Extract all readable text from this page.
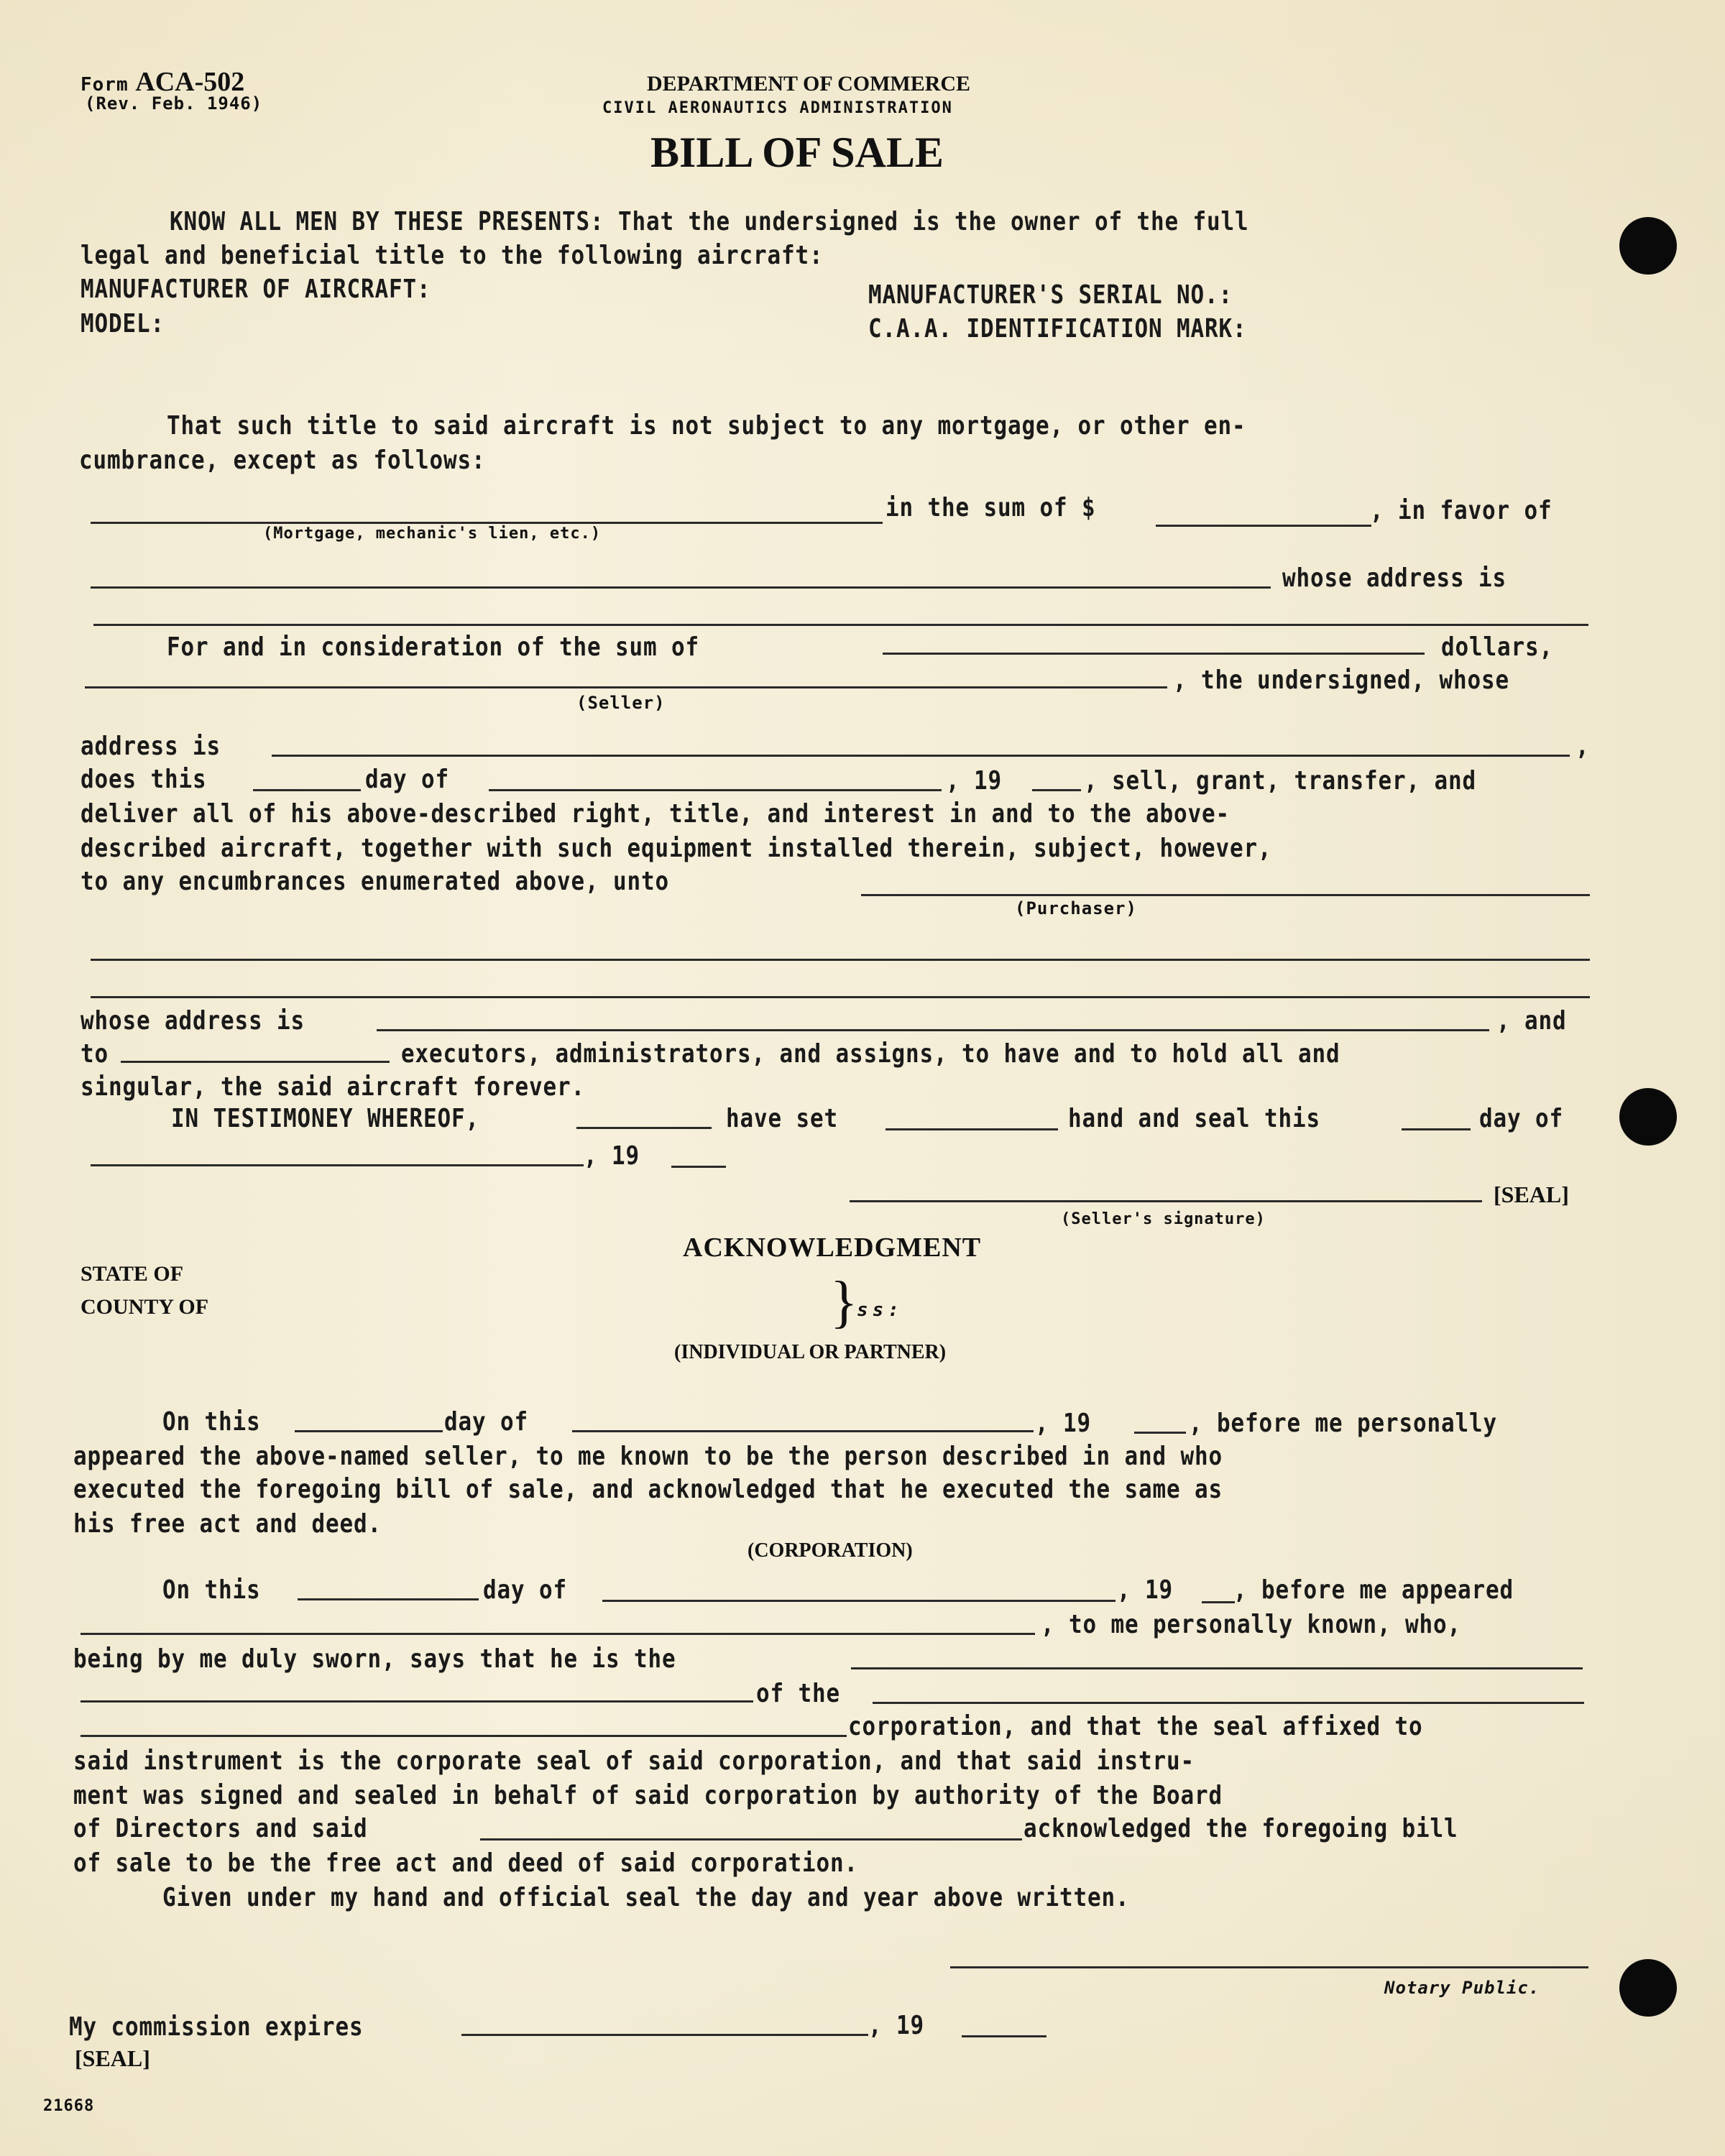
Form ACA-502
(Rev. Feb. 1946)
DEPARTMENT OF COMMERCE
CIVIL AERONAUTICS ADMINISTRATION
BILL OF SALE
KNOW ALL MEN BY THESE PRESENTS: That the undersigned is the owner of the full
legal and beneficial title to the following aircraft:
MANUFACTURER OF AIRCRAFT:
MODEL:
MANUFACTURER'S SERIAL NO.:
C.A.A. IDENTIFICATION MARK:
That such title to said aircraft is not subject to any mortgage, or other en-
cumbrance, except as follows:
in the sum of $	, in favor of
(Mortgage, mechanic's lien, etc.)
whose address is
For and in consideration of the sum of	dollars,
, the undersigned, whose
(Seller)
address is	,
does this	day of	, 19	, sell, grant, transfer, and
deliver all of his above-described right, title, and interest in and to the above-
described aircraft, together with such equipment installed therein, subject, however,
to any encumbrances enumerated above, unto
(Purchaser)
whose address is	, and
to	executors, administrators, and assigns, to have and to hold all and
singular, the said aircraft forever.
IN TESTIMONEY WHEREOF,	have set	hand and seal this	day of
, 19
[SEAL]
(Seller's signature)
ACKNOWLEDGMENT
STATE OF
COUNTY OF	}
ss:
(INDIVIDUAL OR PARTNER)
On this	day of	, 19	, before me personally
appeared the above-named seller, to me known to be the person described in and who
executed the foregoing bill of sale, and acknowledged that he executed the same as
his free act and deed.
(CORPORATION)
On this	day of	, 19 , before me appeared
, to me personally known, who,
being by me duly sworn, says that he is the
of the
corporation, and that the seal affixed to
said instrument is the corporate seal of said corporation, and that said instru-
ment was signed and sealed in behalf of said corporation by authority of the Board
of Directors and said	acknowledged the foregoing bill
of sale to be the free act and deed of said corporation.
Given under my hand and official seal the day and year above written.
Notary Public.
My commission expires	, 19
[SEAL]
21668
